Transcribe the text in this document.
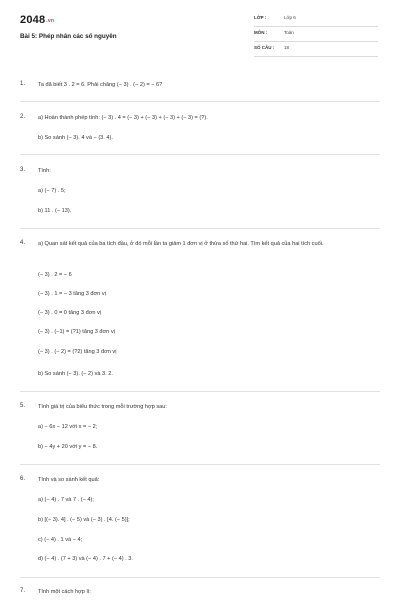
$2048^{.vn}$
Bài 5: Phép nhân các số nguyên
LỚP :	Lớp 6
MÔN :	Toán
SỐ CÂU : 18
1. Ta đã biết 3 . 2 = 6. Phải chăng (− 3) . (− 2) = − 6?
2. a) Hoàn thành phép tính: (− 3) . 4 = (− 3) + (− 3) + (− 3) + (− 3) = (?).
b) So sánh (− 3). 4 và − (3. 4).
3. Tính:
a) (− 7) . 5;
b) 11 . (− 13).
4. a) Quan sát kết quả của ba tích đầu, ở đó mỗi lần ta giảm 1 đơn vị ở thừa số thứ hai. Tìm kết quả của hai tích cuối.
(− 3) . 2 = − 6
(− 3) . 1 = − 3 tăng 3 đơn vị
(− 3) . 0 = 0 tăng 3 đơn vị
(− 3) . (−1) = (?1) tăng 3 đơn vị
(− 3) . (− 2) = (?2) tăng 3 đơn vị
b) So sánh (− 3). (− 2) và 3. 2.
5. Tính giá trị của biểu thức trong mỗi trường hợp sau:
a) − 6x − 12 với x = − 2;
b) − 4y + 20 với y = − 8.
6. Tính và so sánh kết quả:
a) (− 4) . 7 và 7 . (− 4);
b) [(− 3). 4] . (− 5) và (− 3) . [4. (− 5)];
c) (− 4) . 1 và − 4;
d) (− 4) . (7 + 3) và (− 4) . 7 + (− 4) . 3.
7. Tính một cách hợp lí:
